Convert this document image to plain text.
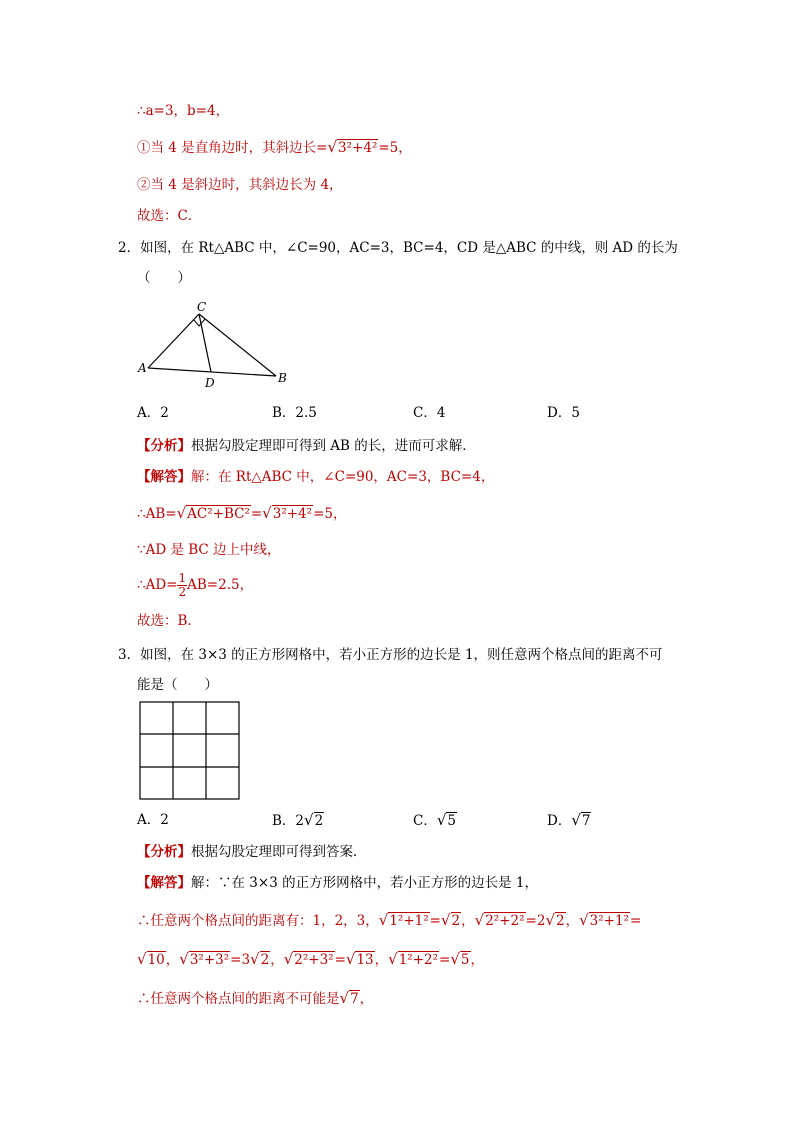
∴a=3，b=4，
①当 4 是直角边时，其斜边长=√3²+4²=5，
②当 4 是斜边时，其斜边长为 4，
故选：C．
2．如图，在 Rt△ABC 中，∠C=90，AC=3，BC=4，CD 是△ABC 的中线，则 AD 的长为
（　　）
C
A
D	B
A．2	B．2.5	C．4	D．5
【分析】根据勾股定理即可得到 AB 的长，进而可求解．
【解答】解：在 Rt△ABC 中，∠C=90，AC=3，BC=4，
∴AB=√AC²+BC²=√3²+4²=5，
∵AD 是 BC 边上中线，
∴AD= $\frac{1}{2} AB=2.5$，
故选：B．
3．如图，在 3×3 的正方形网格中，若小正方形的边长是 1，则任意两个格点间的距离不可
能是（　　）
A．2	B．2√2	C．√5	D．√7
【分析】根据勾股定理即可得到答案．
【解答】解：∵在 3×3 的正方形网格中，若小正方形的边长是 1，
∴任意两个格点间的距离有：1，2，3，√1²+1²=√2，√2²+2²=2√2，√3²+1²=
√10，√3²+3²=3√2，√2²+3²=√13，√1²+2²=√5，
∴任意两个格点间的距离不可能是√7，
